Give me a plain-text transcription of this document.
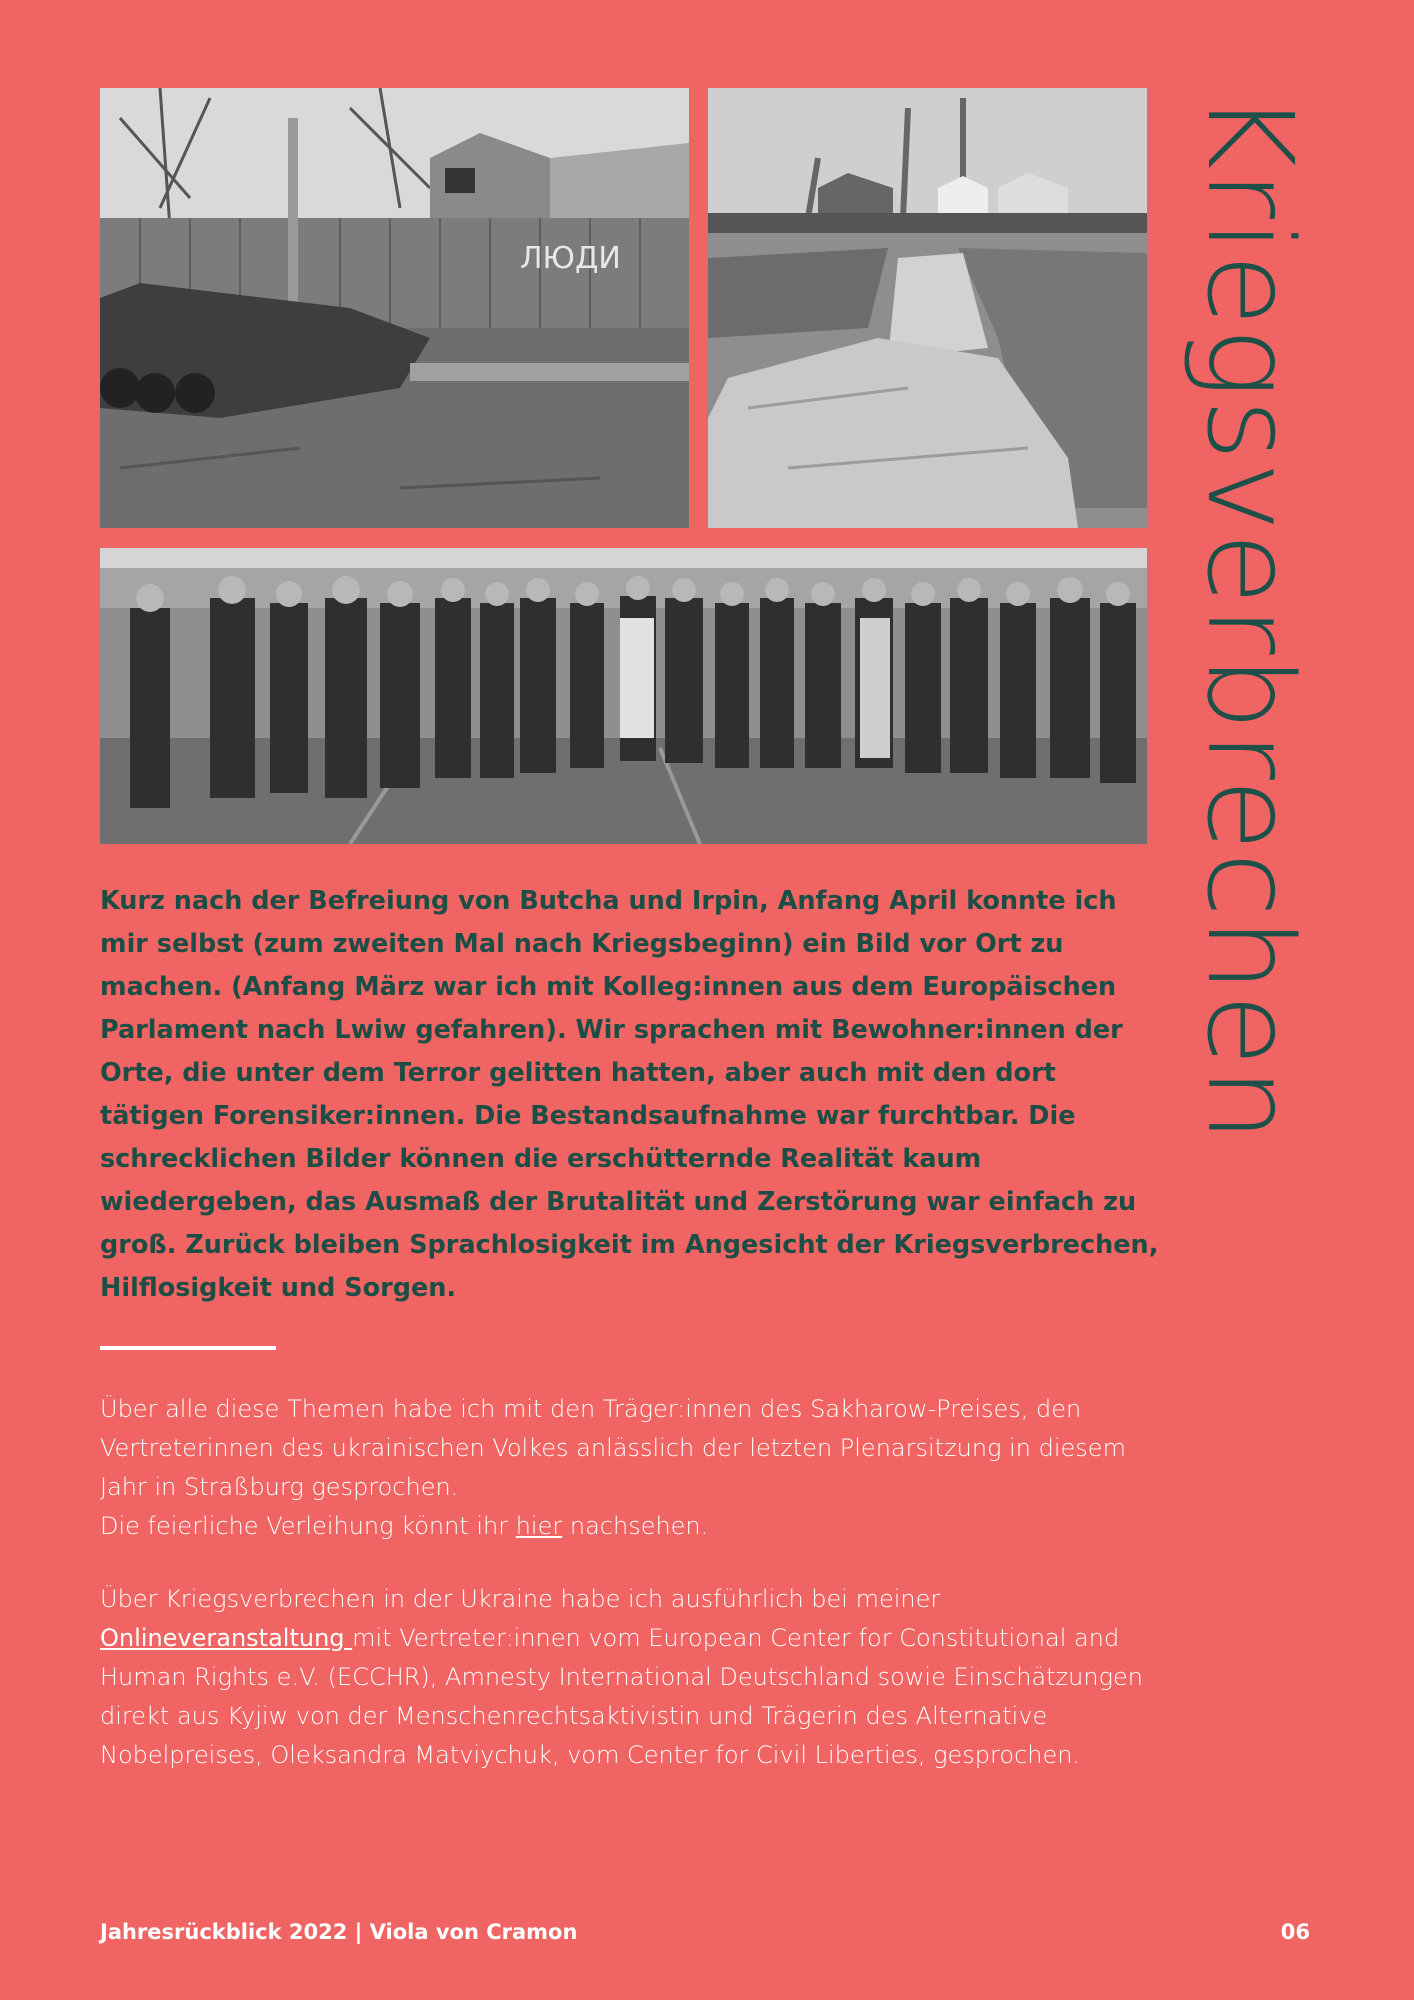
ЛЮДИ	Kriegsverbrechen

Kurz nach der Befreiung von Butcha und Irpin, Anfang April konnte ich mir selbst (zum zweiten Mal nach Kriegsbeginn) ein Bild vor Ort zu machen. (Anfang März war ich mit Kolleg:innen aus dem Europäischen Parlament nach Lwiw gefahren). Wir sprachen mit Bewohner:innen der Orte, die unter dem Terror gelitten hatten, aber auch mit den dort tätigen Forensiker:innen. Die Bestandsaufnahme war furchtbar. Die schrecklichen Bilder können die erschütternde Realität kaum wiedergeben, das Ausmaß der Brutalität und Zerstörung war einfach zu groß. Zurück bleiben Sprachlosigkeit im Angesicht der Kriegsverbrechen, Hilflosigkeit und Sorgen.

Über alle diese Themen habe ich mit den Träger:innen des Sakharow-Preises, den Vertreterinnen des ukrainischen Volkes anlässlich der letzten Plenarsitzung in diesem Jahr in Straßburg gesprochen.
Die feierliche Verleihung könnt ihr hier nachsehen.

Über Kriegsverbrechen in der Ukraine habe ich ausführlich bei meiner Onlineveranstaltung mit Vertreter:innen vom European Center for Constitutional and Human Rights e.V. (ECCHR), Amnesty International Deutschland sowie Einschätzungen direkt aus Kyjiw von der Menschenrechtsaktivistin und Trägerin des Alternative Nobelpreises, Oleksandra Matviychuk, vom Center for Civil Liberties, gesprochen.

Jahresrückblick 2022 | Viola von Cramon	06
